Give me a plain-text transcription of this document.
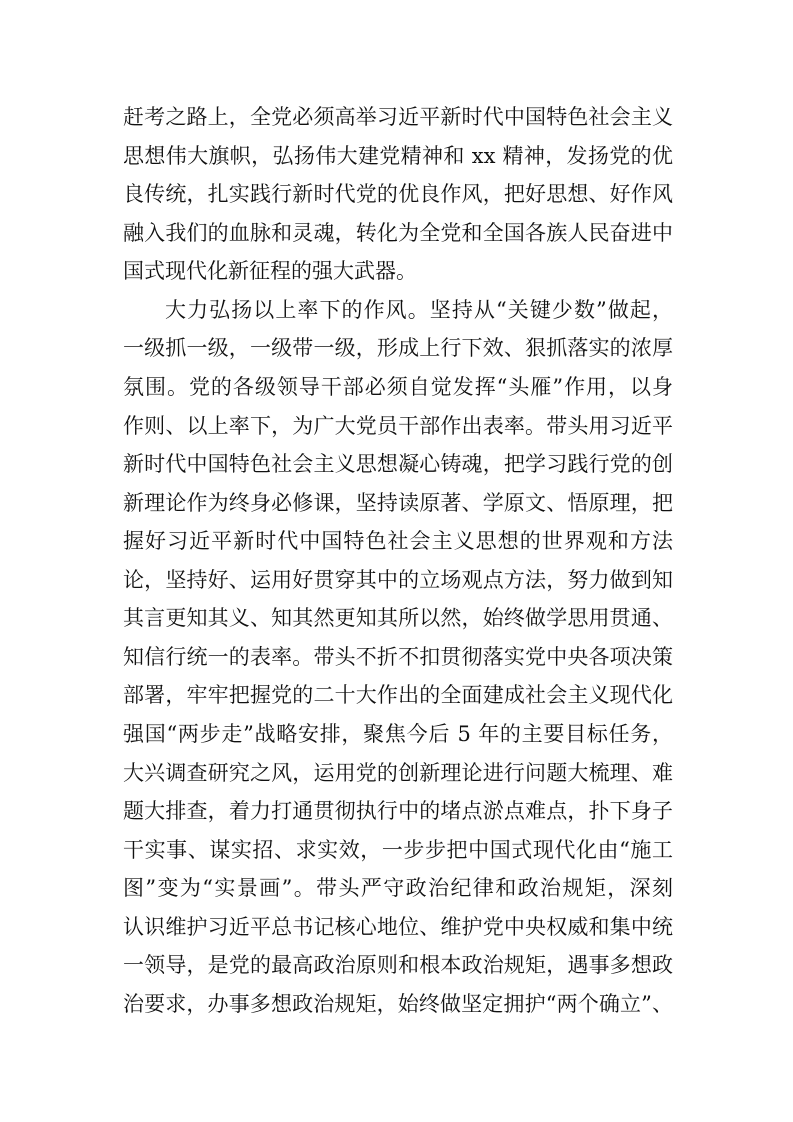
赶考之路上，全党必须高举习近平新时代中国特色社会主义
思想伟大旗帜，弘扬伟大建党精神和 xx 精神，发扬党的优
良传统，扎实践行新时代党的优良作风，把好思想、好作风
融入我们的血脉和灵魂，转化为全党和全国各族人民奋进中
国式现代化新征程的强大武器。
大力弘扬以上率下的作风。坚持从“关键少数”做起，
一级抓一级，一级带一级，形成上行下效、狠抓落实的浓厚
氛围。党的各级领导干部必须自觉发挥“头雁”作用，以身
作则、以上率下，为广大党员干部作出表率。带头用习近平
新时代中国特色社会主义思想凝心铸魂，把学习践行党的创
新理论作为终身必修课，坚持读原著、学原文、悟原理，把
握好习近平新时代中国特色社会主义思想的世界观和方法
论，坚持好、运用好贯穿其中的立场观点方法，努力做到知
其言更知其义、知其然更知其所以然，始终做学思用贯通、
知信行统一的表率。带头不折不扣贯彻落实党中央各项决策
部署，牢牢把握党的二十大作出的全面建成社会主义现代化
强国“两步走”战略安排，聚焦今后 5 年的主要目标任务，
大兴调查研究之风，运用党的创新理论进行问题大梳理、难
题大排查，着力打通贯彻执行中的堵点淤点难点，扑下身子
干实事、谋实招、求实效，一步步把中国式现代化由“施工
图”变为“实景画”。带头严守政治纪律和政治规矩，深刻
认识维护习近平总书记核心地位、维护党中央权威和集中统
一领导，是党的最高政治原则和根本政治规矩，遇事多想政
治要求，办事多想政治规矩，始终做坚定拥护“两个确立”、
